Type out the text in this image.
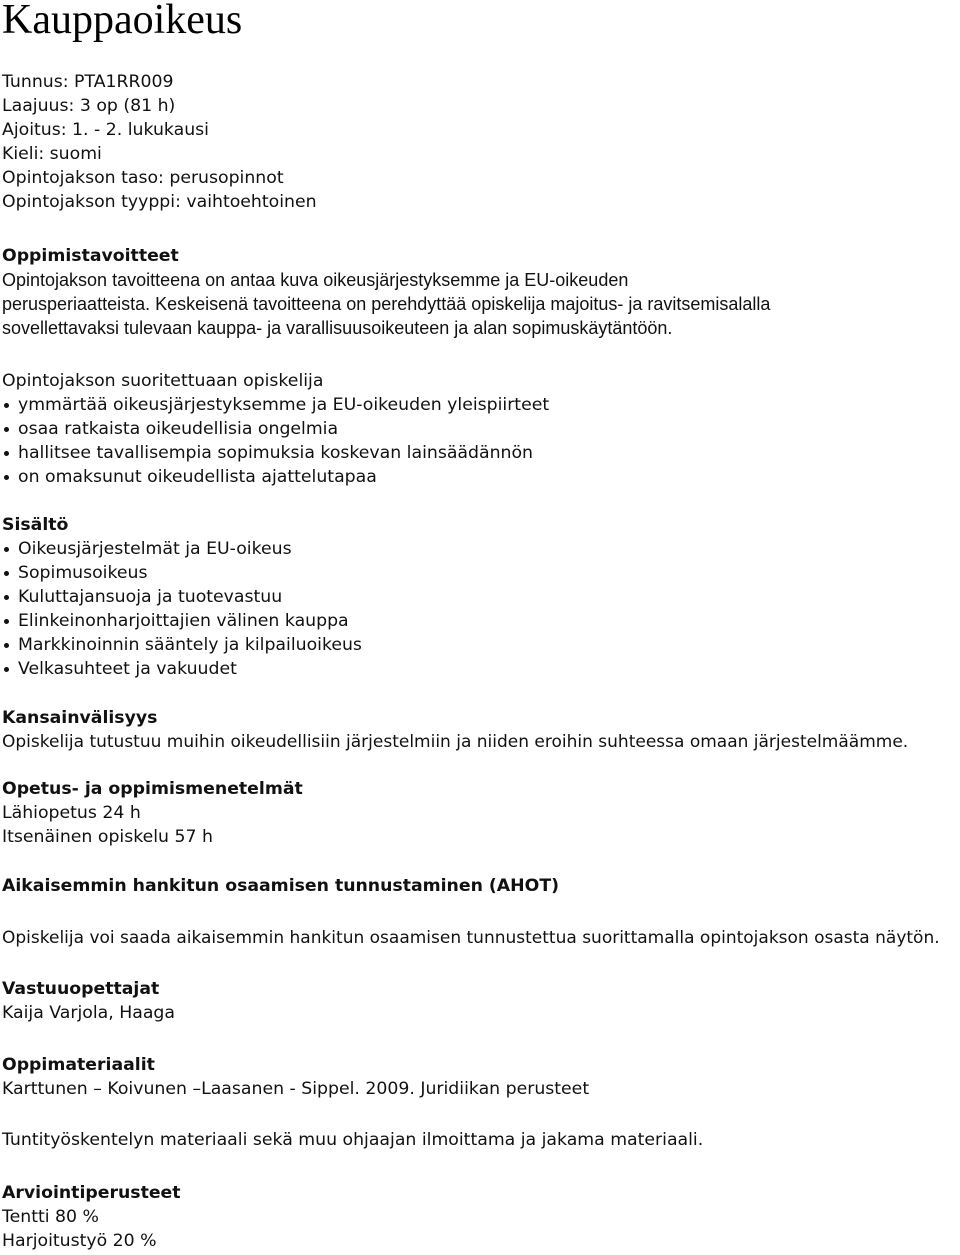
Kauppaoikeus

Tunnus: PTA1RR009

Laajuus: 3 op (81 h)

Ajoitus: 1. - 2. lukukausi

Kieli: suomi

Opintojakson taso: perusopinnot

Opintojakson tyyppi: vaihtoehtoinen

Oppimistavoitteet

Opintojakson tavoitteena on antaa kuva oikeusjärjestyksemme ja EU-oikeuden

perusperiaatteista. Keskeisenä tavoitteena on perehdyttää opiskelija majoitus- ja ravitsemisalalla

sovellettavaksi tulevaan kauppa- ja varallisuusoikeuteen ja alan sopimuskäytäntöön.

Opintojakson suoritettuaan opiskelija

ymmärtää oikeusjärjestyksemme ja EU-oikeuden yleispiirteet
osaa ratkaista oikeudellisia ongelmia
hallitsee tavallisempia sopimuksia koskevan lainsäädännön
on omaksunut oikeudellista ajattelutapaa

Sisältö

Oikeusjärjestelmät ja EU-oikeus
Sopimusoikeus
Kuluttajansuoja ja tuotevastuu
Elinkeinonharjoittajien välinen kauppa
Markkinoinnin sääntely ja kilpailuoikeus
Velkasuhteet ja vakuudet

Kansainvälisyys

Opiskelija tutustuu muihin oikeudellisiin järjestelmiin ja niiden eroihin suhteessa omaan järjestelmäämme.

Opetus- ja oppimismenetelmät

Lähiopetus 24 h

Itsenäinen opiskelu 57 h

Aikaisemmin hankitun osaamisen tunnustaminen (AHOT)

Opiskelija voi saada aikaisemmin hankitun osaamisen tunnustettua suorittamalla opintojakson osasta näytön.

Vastuuopettajat

Kaija Varjola, Haaga

Oppimateriaalit

Karttunen – Koivunen –Laasanen - Sippel. 2009. Juridiikan perusteet

Tuntityöskentelyn materiaali sekä muu ohjaajan ilmoittama ja jakama materiaali.

Arviointiperusteet

Tentti 80 %

Harjoitustyö 20 %
